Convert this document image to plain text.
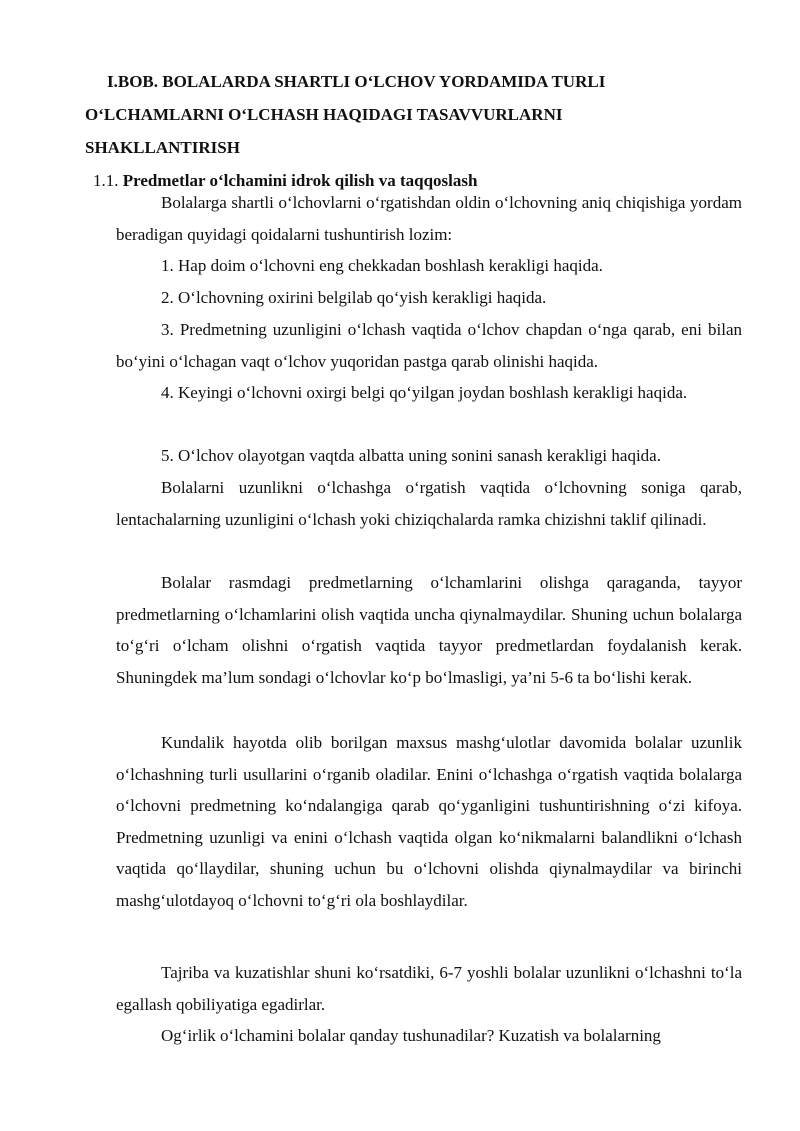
I.BOB. BOLALARDA SHARTLI O‘LCHOV YORDAMIDA TURLI
O‘LCHAMLARNI O‘LCHASH HAQIDAGI TASAVVURLARNI
SHAKLLANTIRISH
1.1. Predmetlar o‘lchamini idrok qilish va taqqoslash

Bolalarga shartli o‘lchovlarni o‘rgatishdan oldin o‘lchovning aniq chiqishiga yordam beradigan quyidagi qoidalarni tushuntirish lozim:

1. Hap doim o‘lchovni eng chekkadan boshlash kerakligi haqida.

2. O‘lchovning oxirini belgilab qo‘yish kerakligi haqida.

3. Predmetning uzunligini o‘lchash vaqtida o‘lchov chapdan o‘nga qarab, eni bilan bo‘yini o‘lchagan vaqt o‘lchov yuqoridan pastga qarab olinishi haqida.

4. Keyingi o‘lchovni oxirgi belgi qo‘yilgan joydan boshlash kerakligi haqida.

5. O‘lchov olayotgan vaqtda albatta uning sonini sanash kerakligi haqida.

Bolalarni uzunlikni o‘lchashga o‘rgatish vaqtida o‘lchovning soniga qarab, lentachalarning uzunligini o‘lchash yoki chiziqchalarda ramka chizishni taklif qilinadi.

Bolalar rasmdagi predmetlarning o‘lchamlarini olishga qaraganda, tayyor predmetlarning o‘lchamlarini olish vaqtida uncha qiynalmaydilar. Shuning uchun bolalarga to‘g‘ri o‘lcham olishni o‘rgatish vaqtida tayyor predmetlardan foydalanish kerak. Shuningdek ma’lum sondagi o‘lchovlar ko‘p bo‘lmasligi, ya’ni 5-6 ta bo‘lishi kerak.

Kundalik hayotda olib borilgan maxsus mashg‘ulotlar davomida bolalar uzunlik o‘lchashning turli usullarini o‘rganib oladilar. Enini o‘lchashga o‘rgatish vaqtida bolalarga o‘lchovni predmetning ko‘ndalangiga qarab qo‘yganligini tushuntirishning o‘zi kifoya. Predmetning uzunligi va enini o‘lchash vaqtida olgan ko‘nikmalarni balandlikni o‘lchash vaqtida qo‘llaydilar, shuning uchun bu o‘lchovni olishda qiynalmaydilar va birinchi mashg‘ulotdayoq o‘lchovni to‘g‘ri ola boshlaydilar.

Tajriba va kuzatishlar shuni ko‘rsatdiki, 6-7 yoshli bolalar uzunlikni o‘lchashni to‘la egallash qobiliyatiga egadirlar.

Og‘irlik o‘lchamini bolalar qanday tushunadilar? Kuzatish va bolalarning
